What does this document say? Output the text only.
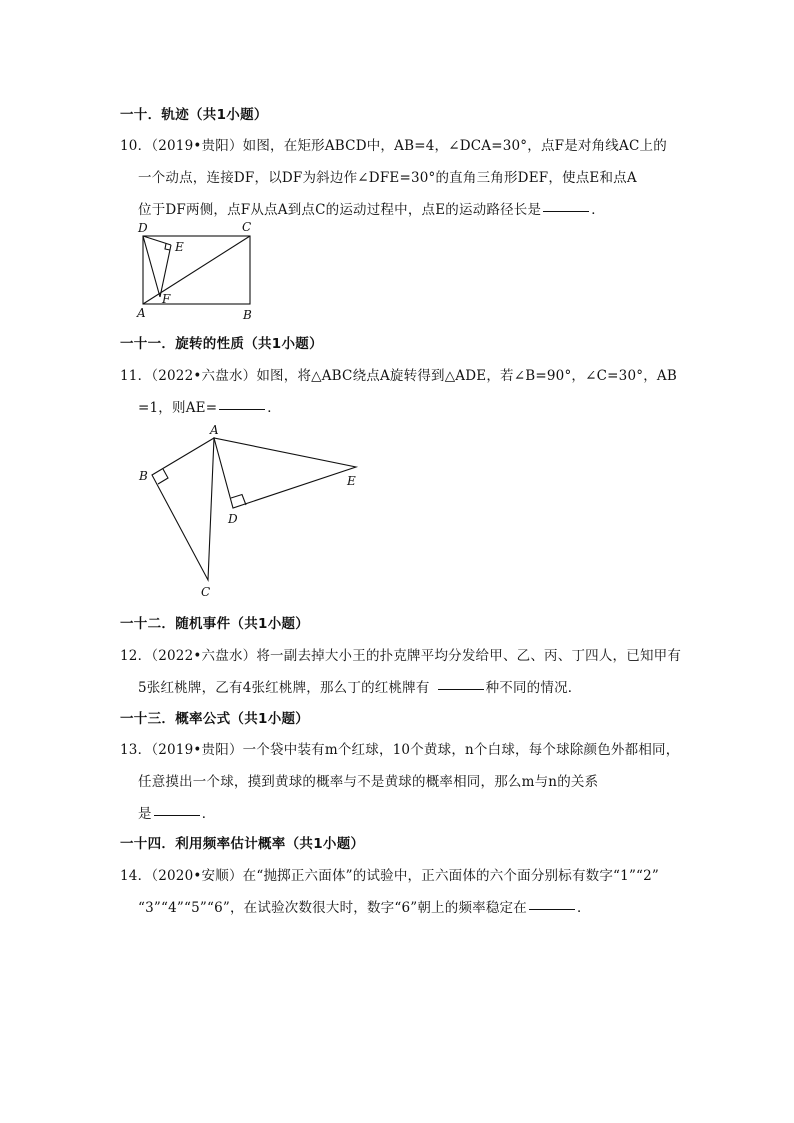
一十．轨迹（共1小题）
10．（2019•贵阳）如图，在矩形ABCD中，AB=4，∠DCA=30°，点F是对角线AC上的
一个动点，连接DF，以DF为斜边作∠DFE=30°的直角三角形DEF，使点E和点A
位于DF两侧，点F从点A到点C的运动过程中，点E的运动路径长是	．
D	C
E
F
A	B
一十一．旋转的性质（共1小题）
11．（2022•六盘水）如图，将△ABC绕点A旋转得到△ADE，若∠B=90°，∠C=30°，AB
=1，则AE=	．
A
B
C
D
E
一十二．随机事件（共1小题）
12．（2022•六盘水）将一副去掉大小王的扑克牌平均分发给甲、乙、丙、丁四人，已知甲有
5张红桃牌，乙有4张红桃牌，那么丁的红桃牌有	种不同的情况．
一十三．概率公式（共1小题）
13．（2019•贵阳）一个袋中装有m个红球，10个黄球，n个白球，每个球除颜色外都相同，
任意摸出一个球，摸到黄球的概率与不是黄球的概率相同，那么m与n的关系
是	．
一十四．利用频率估计概率（共1小题）
14．（2020•安顺）在“抛掷正六面体”的试验中，正六面体的六个面分别标有数字“1”“2”
“3”“4”“5”“6”，在试验次数很大时，数字“6”朝上的频率稳定在	．
